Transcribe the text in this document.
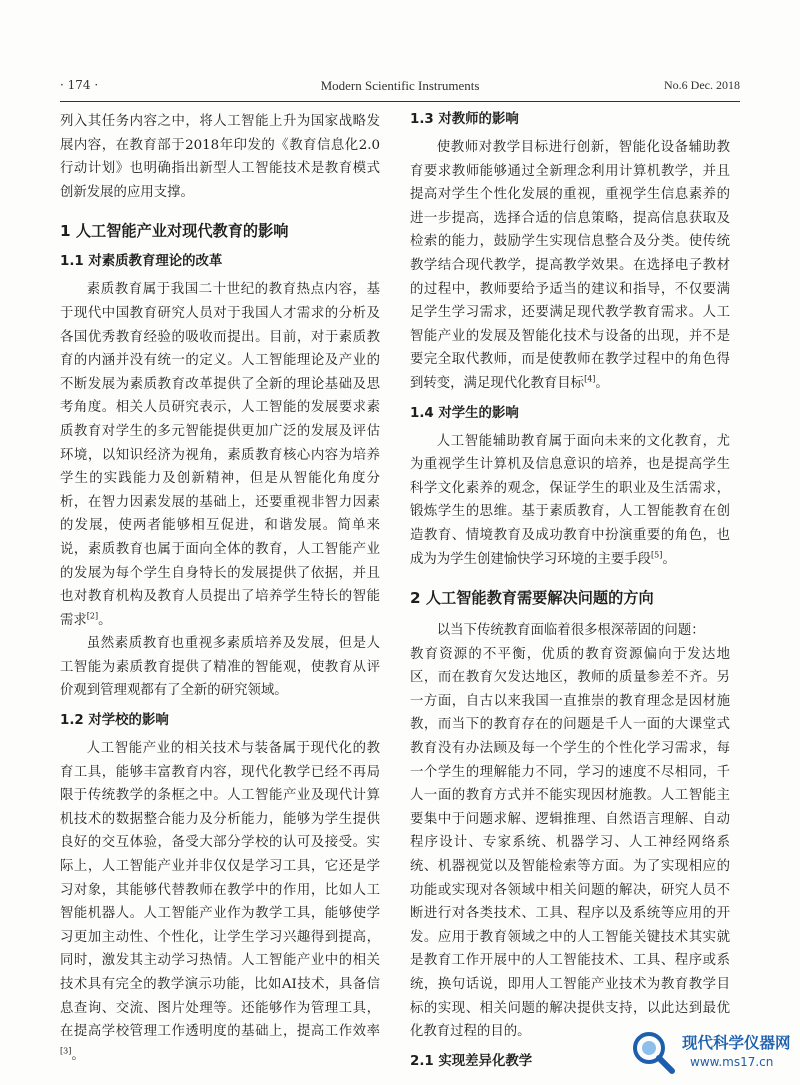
· 174 ·	Modern Scientific Instruments	No.6 Dec. 2018

列入其任务内容之中，将人工智能上升为国家战略发展内容，在教育部于2018年印发的《教育信息化2.0行动计划》也明确指出新型人工智能技术是教育模式创新发展的应用支撑。

1 人工智能产业对现代教育的影响
1.1 对素质教育理论的改革

素质教育属于我国二十世纪的教育热点内容，基于现代中国教育研究人员对于我国人才需求的分析及各国优秀教育经验的吸收而提出。目前，对于素质教育的内涵并没有统一的定义。人工智能理论及产业的不断发展为素质教育改革提供了全新的理论基础及思考角度。相关人员研究表示，人工智能的发展要求素质教育对学生的多元智能提供更加广泛的发展及评估环境，以知识经济为视角，素质教育核心内容为培养学生的实践能力及创新精神，但是从智能化角度分析，在智力因素发展的基础上，还要重视非智力因素的发展，使两者能够相互促进，和谐发展。简单来说，素质教育也属于面向全体的教育，人工智能产业的发展为每个学生自身特长的发展提供了依据，并且也对教育机构及教育人员提出了培养学生特长的智能需求[2]。

虽然素质教育也重视多素质培养及发展，但是人工智能为素质教育提供了精准的智能观，使教育从评价观到管理观都有了全新的研究领域。

1.2 对学校的影响

人工智能产业的相关技术与装备属于现代化的教育工具，能够丰富教育内容，现代化教学已经不再局限于传统教学的条框之中。人工智能产业及现代计算机技术的数据整合能力及分析能力，能够为学生提供良好的交互体验，备受大部分学校的认可及接受。实际上，人工智能产业并非仅仅是学习工具，它还是学习对象，其能够代替教师在教学中的作用，比如人工智能机器人。人工智能产业作为教学工具，能够使学习更加主动性、个性化，让学生学习兴趣得到提高，同时，激发其主动学习热情。人工智能产业中的相关技术具有完全的教学演示功能，比如AI技术，具备信息查询、交流、图片处理等。还能够作为管理工具，在提高学校管理工作透明度的基础上，提高工作效率[3]。

1.3 对教师的影响

使教师对教学目标进行创新，智能化设备辅助教育要求教师能够通过全新理念利用计算机教学，并且提高对学生个性化发展的重视，重视学生信息素养的进一步提高，选择合适的信息策略，提高信息获取及检索的能力，鼓励学生实现信息整合及分类。使传统教学结合现代教学，提高教学效果。在选择电子教材的过程中，教师要给予适当的建议和指导，不仅要满足学生学习需求，还要满足现代教学教育需求。人工智能产业的发展及智能化技术与设备的出现，并不是要完全取代教师，而是使教师在教学过程中的角色得到转变，满足现代化教育目标[4]。

1.4 对学生的影响

人工智能辅助教育属于面向未来的文化教育，尤为重视学生计算机及信息意识的培养，也是提高学生科学文化素养的观念，保证学生的职业及生活需求，锻炼学生的思维。基于素质教育，人工智能教育在创造教育、情境教育及成功教育中扮演重要的角色，也成为为学生创建愉快学习环境的主要手段[5]。

2 人工智能教育需要解决问题的方向

以当下传统教育面临着很多根深蒂固的问题：

教育资源的不平衡，优质的教育资源偏向于发达地区，而在教育欠发达地区，教师的质量参差不齐。另一方面，自古以来我国一直推崇的教育理念是因材施教，而当下的教育存在的问题是千人一面的大课堂式教育没有办法顾及每一个学生的个性化学习需求，每一个学生的理解能力不同，学习的速度不尽相同，千人一面的教育方式并不能实现因材施教。人工智能主要集中于问题求解、逻辑推理、自然语言理解、自动程序设计、专家系统、机器学习、人工神经网络系统、机器视觉以及智能检索等方面。为了实现相应的功能或实现对各领域中相关问题的解决，研究人员不断进行对各类技术、工具、程序以及系统等应用的开发。应用于教育领域之中的人工智能关键技术其实就是教育工作开展中的人工智能技术、工具、程序或系统，换句话说，即用人工智能产业技术为教育教学目标的实现、相关问题的解决提供支持，以此达到最优化教育过程的目的。

2.1 实现差异化教学
现代科学仪器网
www.ms17.cn
